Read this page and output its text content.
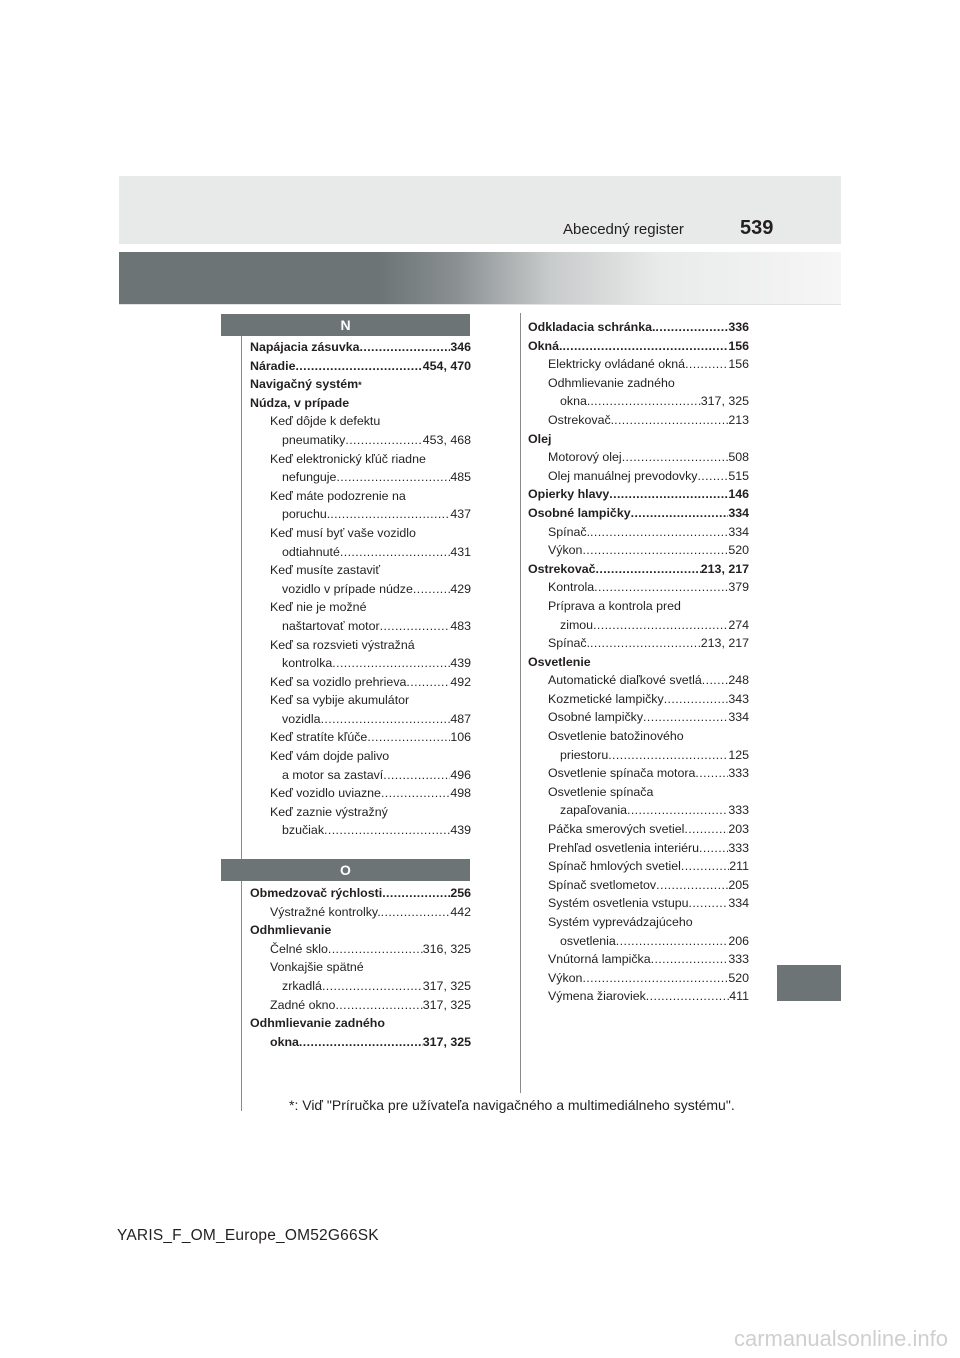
Abecedný register	539
N
O
Napájacia zásuvka .....	346
Náradie .....	454, 470
Navigačný systém *
Núdza, v prípade
Keď dôjde k defektu
pneumatiky .....	453, 468
Keď elektronický kľúč riadne
nefunguje .....	485
Keď máte podozrenie na
poruchu. .....	437
Keď musí byť vaše vozidlo
odtiahnuté .....	431
Keď musíte zastaviť
vozidlo v prípade núdze .....	429
Keď nie je možné
naštartovať motor .....	483
Keď sa rozsvieti výstražná
kontrolka .....	439
Keď sa vozidlo prehrieva .....	492
Keď sa vybije akumulátor
vozidla .....	487
Keď stratíte kľúče .....	106
Keď vám dojde palivo
a motor sa zastaví .....	496
Keď vozidlo uviazne .....	498
Keď zaznie výstražný
bzučiak .....	439
Obmedzovač rýchlosti .....	256
Výstražné kontrolky. .....	442
Odhmlievanie
Čelné sklo .....	316, 325
Vonkajšie spätné
zrkadlá .....	317, 325
Zadné okno .....	317, 325
Odhmlievanie zadného
okna .....	317, 325
Odkladacia schránka. .....	336
Okná. .....	156
Elektricky ovládané okná .....	156
Odhmlievanie zadného
okna. .....	317, 325
Ostrekovač. .....	213
Olej
Motorový olej .....	508
Olej manuálnej prevodovky ..... 515
Opierky hlavy .....	146
Osobné lampičky .....	334
Spínač. .....	334
Výkon .....	520
Ostrekovač .....	213, 217
Kontrola .....	379
Príprava a kontrola pred
zimou .....	274
Spínač. .....	213, 217
Osvetlenie
Automatické diaľkové svetlá ..... 248
Kozmetické lampičky .....	343
Osobné lampičky .....	334
Osvetlenie batožinového
priestoru .....	125
Osvetlenie spínača motora .....	333
Osvetlenie spínača
zapaľovania .....	333
Páčka smerových svetiel .....	203
Prehľad osvetlenia interiéru ..... 333
Spínač hmlových svetiel .....	211
Spínač svetlometov .....	205
Systém osvetlenia vstupu .....	334
Systém vyprevádzajúceho
osvetlenia .....	206
Vnútorná lampička .....	333
Výkon .....	520
Výmena žiaroviek .....	411
*: Viď "Príručka pre užívateľa navigačného a multimediálneho systému".
YARIS_F_OM_Europe_OM52G66SK
carmanualsonline.info
